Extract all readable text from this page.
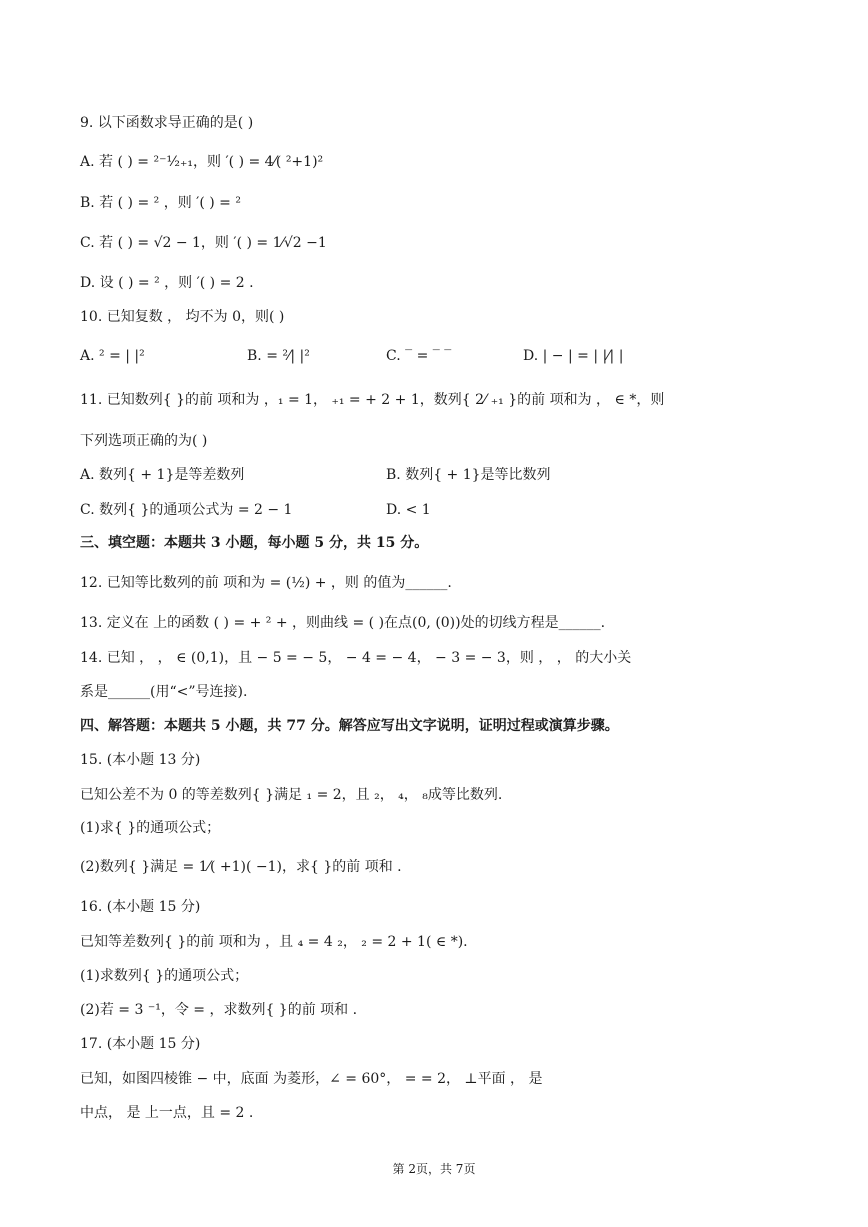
9. 以下函数求导正确的是( )
A. 若 ( ) = ²⁻¹⁄₂₊₁，则 ′( ) = 4⁄( ²+1)²
B. 若 ( ) = ² ，则 ′( ) = ²
C. 若 ( ) = √2 − 1，则 ′( ) = 1⁄√2 −1
D. 设 ( ) = ² ，则 ′( ) = 2 .
10. 已知复数 ， 均不为 0，则( )
A. ² = | |²	B. = ²⁄| |²	C. ‾ = ‾ ‾	D. | − | = | |⁄| |
11. 已知数列{ }的前 项和为 ，₁ = 1， ₊₁ = + 2 + 1，数列{ 2⁄ ₊₁ }的前 项和为 ， ∈ *，则
下列选项正确的为( )
A. 数列{ + 1}是等差数列	B. 数列{ + 1}是等比数列
C. 数列{ }的通项公式为 = 2 − 1	D. < 1
三、填空题：本题共 3 小题，每小题 5 分，共 15 分。
12. 已知等比数列的前 项和为 = (½) + ，则 的值为______.
13. 定义在 上的函数 ( ) = + ² + ，则曲线 = ( )在点(0, (0))处的切线方程是______.
14. 已知 ， ， ∈ (0,1)，且 − 5 = − 5， − 4 = − 4， − 3 = − 3，则 ， ， 的大小关
系是______(用“<”号连接).
四、解答题：本题共 5 小题，共 77 分。解答应写出文字说明，证明过程或演算步骤。
15. (本小题 13 分)
已知公差不为 0 的等差数列{ }满足 ₁ = 2，且 ₂， ₄， ₈成等比数列.
(1)求{ }的通项公式；
(2)数列{ }满足 = 1⁄( +1)( −1)，求{ }的前 项和 .
16. (本小题 15 分)
已知等差数列{ }的前 项和为 ，且 ₄ = 4 ₂， ₂ = 2 + 1( ∈ *).
(1)求数列{ }的通项公式；
(2)若 = 3 ⁻¹，令 = ，求数列{ }的前 项和 .
17. (本小题 15 分)
已知，如图四棱锥 − 中，底面 为菱形，∠ = 60°， = = 2， ⊥平面 ， 是
中点， 是 上一点，且 = 2 .
第 2页，共 7页
